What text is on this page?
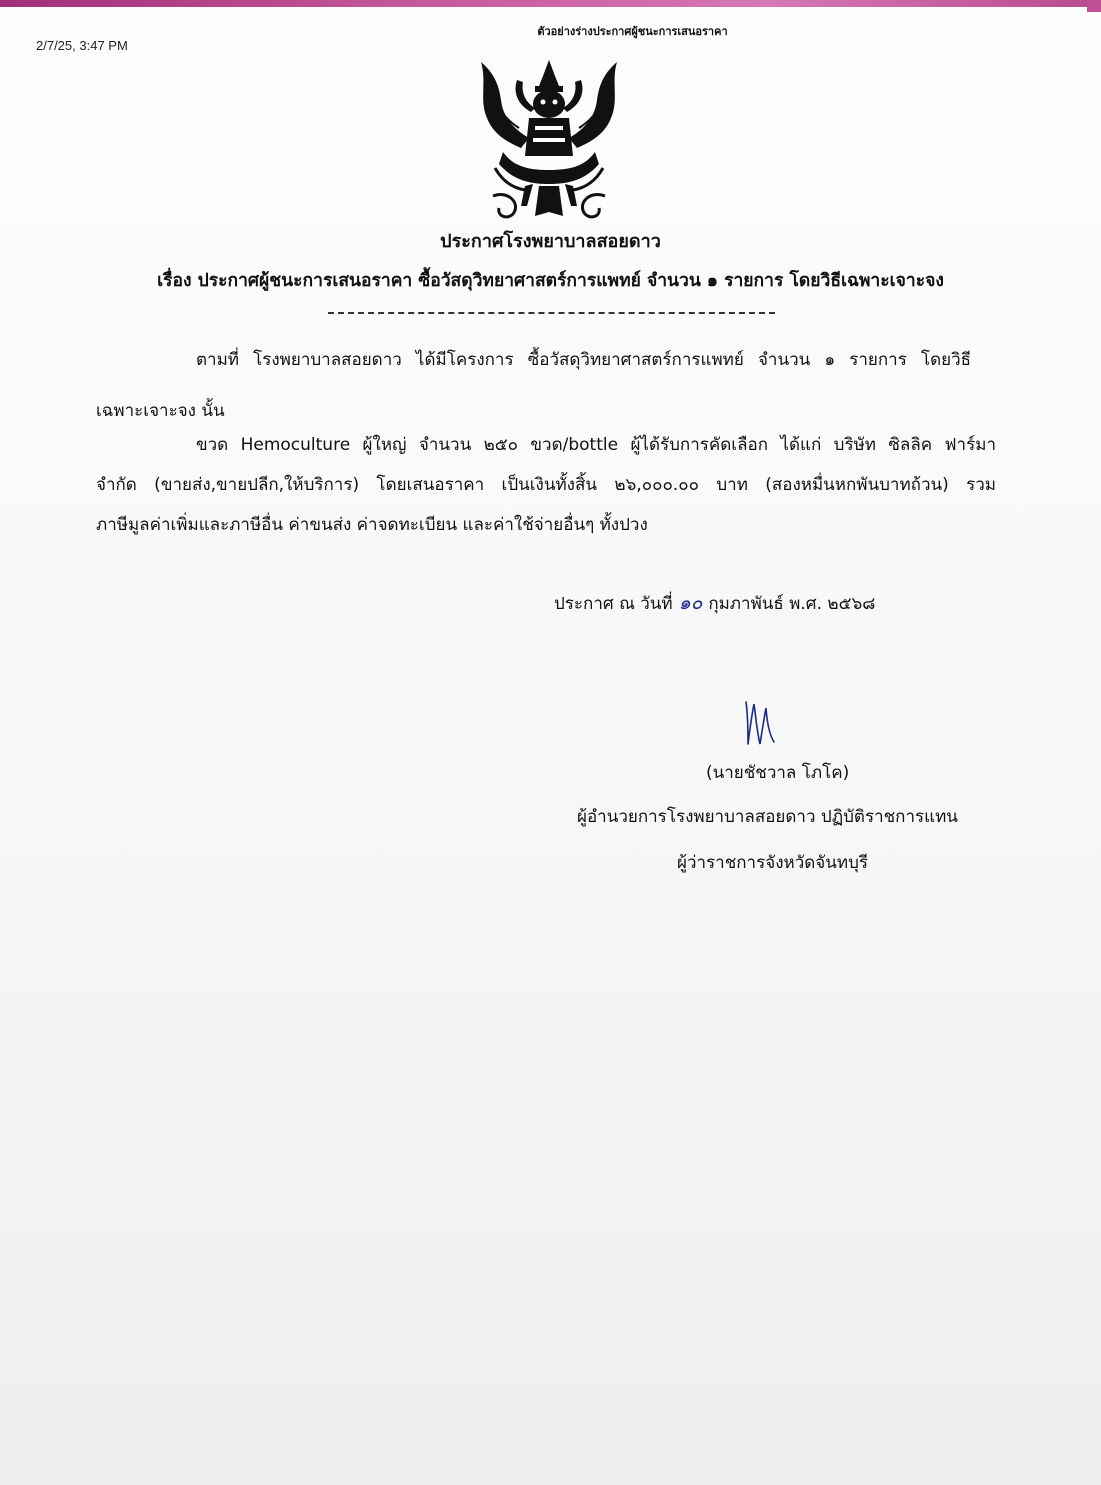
2/7/25, 3:47 PM
ตัวอย่างร่างประกาศผู้ชนะการเสนอราคา
ประกาศโรงพยาบาลสอยดาว
เรื่อง ประกาศผู้ชนะการเสนอราคา ซื้อวัสดุวิทยาศาสตร์การแพทย์ จำนวน ๑ รายการ โดยวิธีเฉพาะเจาะจง
ตามที่ โรงพยาบาลสอยดาว ได้มีโครงการ ซื้อวัสดุวิทยาศาสตร์การแพทย์ จำนวน ๑ รายการ โดยวิธี
เฉพาะเจาะจง นั้น
ขวด Hemoculture ผู้ใหญ่ จำนวน ๒๕๐ ขวด/bottle ผู้ได้รับการคัดเลือก ได้แก่ บริษัท ซิลลิค ฟาร์มา
จำกัด (ขายส่ง,ขายปลีก,ให้บริการ) โดยเสนอราคา เป็นเงินทั้งสิ้น ๒๖,๐๐๐.๐๐ บาท (สองหมื่นหกพันบาทถ้วน) รวม
ภาษีมูลค่าเพิ่มและภาษีอื่น ค่าขนส่ง ค่าจดทะเบียน และค่าใช้จ่ายอื่นๆ ทั้งปวง
ประกาศ ณ วันที่ ๑๐ กุมภาพันธ์ พ.ศ. ๒๕๖๘
(นายชัชวาล โภโค)
ผู้อำนวยการโรงพยาบาลสอยดาว ปฏิบัติราชการแทน
ผู้ว่าราชการจังหวัดจันทบุรี
